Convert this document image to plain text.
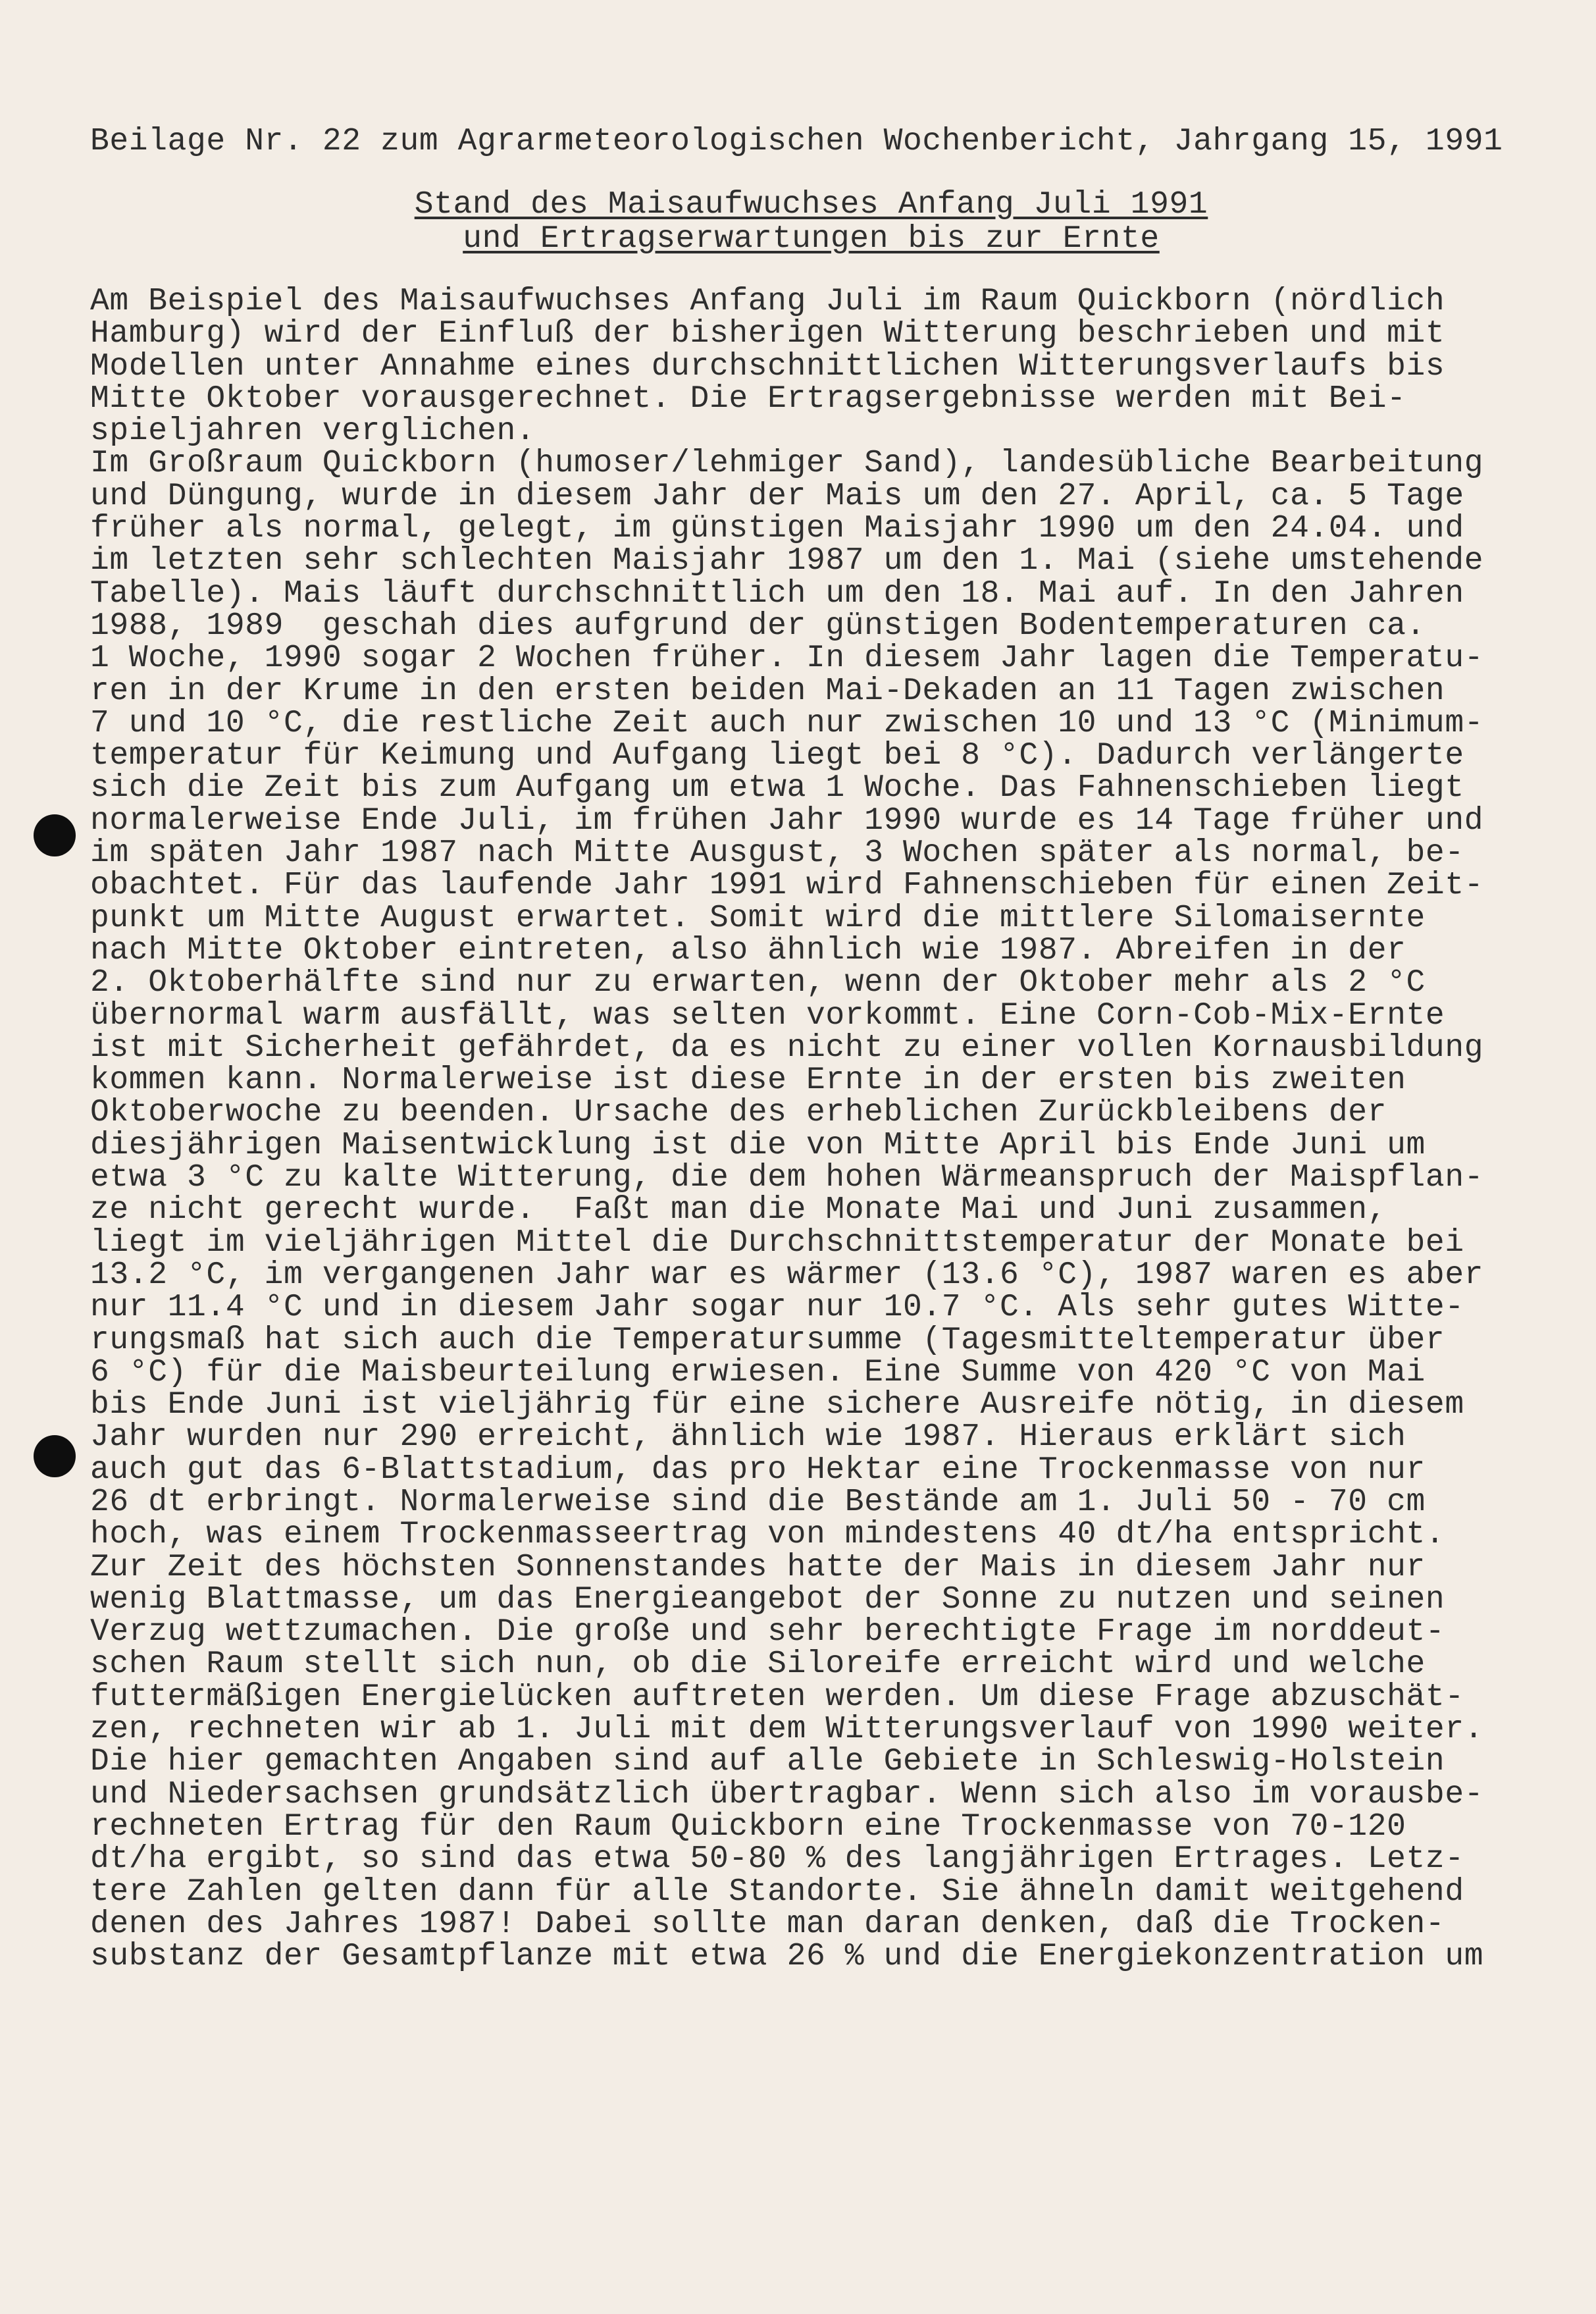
Beilage Nr. 22 zum Agrarmeteorologischen Wochenbericht, Jahrgang 15, 1991
Stand des Maisaufwuchses Anfang Juli 1991
und Ertragserwartungen bis zur Ernte
Am Beispiel des Maisaufwuchses Anfang Juli im Raum Quickborn (nördlich
Hamburg) wird der Einfluß der bisherigen Witterung beschrieben und mit
Modellen unter Annahme eines durchschnittlichen Witterungsverlaufs bis
Mitte Oktober vorausgerechnet. Die Ertragsergebnisse werden mit Bei-
spieljahren verglichen.
Im Großraum Quickborn (humoser/lehmiger Sand), landesübliche Bearbeitung
und Düngung, wurde in diesem Jahr der Mais um den 27. April, ca. 5 Tage
früher als normal, gelegt, im günstigen Maisjahr 1990 um den 24.04. und
im letzten sehr schlechten Maisjahr 1987 um den 1. Mai (siehe umstehende
Tabelle). Mais läuft durchschnittlich um den 18. Mai auf. In den Jahren
1988, 1989  geschah dies aufgrund der günstigen Bodentemperaturen ca.
1 Woche, 1990 sogar 2 Wochen früher. In diesem Jahr lagen die Temperatu-
ren in der Krume in den ersten beiden Mai-Dekaden an 11 Tagen zwischen
7 und 10 °C, die restliche Zeit auch nur zwischen 10 und 13 °C (Minimum-
temperatur für Keimung und Aufgang liegt bei 8 °C). Dadurch verlängerte
sich die Zeit bis zum Aufgang um etwa 1 Woche. Das Fahnenschieben liegt
normalerweise Ende Juli, im frühen Jahr 1990 wurde es 14 Tage früher und
im späten Jahr 1987 nach Mitte Ausgust, 3 Wochen später als normal, be-
obachtet. Für das laufende Jahr 1991 wird Fahnenschieben für einen Zeit-
punkt um Mitte August erwartet. Somit wird die mittlere Silomaisernte
nach Mitte Oktober eintreten, also ähnlich wie 1987. Abreifen in der
2. Oktoberhälfte sind nur zu erwarten, wenn der Oktober mehr als 2 °C
übernormal warm ausfällt, was selten vorkommt. Eine Corn-Cob-Mix-Ernte
ist mit Sicherheit gefährdet, da es nicht zu einer vollen Kornausbildung
kommen kann. Normalerweise ist diese Ernte in der ersten bis zweiten
Oktoberwoche zu beenden. Ursache des erheblichen Zurückbleibens der
diesjährigen Maisentwicklung ist die von Mitte April bis Ende Juni um
etwa 3 °C zu kalte Witterung, die dem hohen Wärmeanspruch der Maispflan-
ze nicht gerecht wurde.  Faßt man die Monate Mai und Juni zusammen,
liegt im vieljährigen Mittel die Durchschnittstemperatur der Monate bei
13.2 °C, im vergangenen Jahr war es wärmer (13.6 °C), 1987 waren es aber
nur 11.4 °C und in diesem Jahr sogar nur 10.7 °C. Als sehr gutes Witte-
rungsmaß hat sich auch die Temperatursumme (Tagesmitteltemperatur über
6 °C) für die Maisbeurteilung erwiesen. Eine Summe von 420 °C von Mai
bis Ende Juni ist vieljährig für eine sichere Ausreife nötig, in diesem
Jahr wurden nur 290 erreicht, ähnlich wie 1987. Hieraus erklärt sich
auch gut das 6-Blattstadium, das pro Hektar eine Trockenmasse von nur
26 dt erbringt. Normalerweise sind die Bestände am 1. Juli 50 - 70 cm
hoch, was einem Trockenmasseertrag von mindestens 40 dt/ha entspricht.
Zur Zeit des höchsten Sonnenstandes hatte der Mais in diesem Jahr nur
wenig Blattmasse, um das Energieangebot der Sonne zu nutzen und seinen
Verzug wettzumachen. Die große und sehr berechtigte Frage im norddeut-
schen Raum stellt sich nun, ob die Siloreife erreicht wird und welche
futtermäßigen Energielücken auftreten werden. Um diese Frage abzuschät-
zen, rechneten wir ab 1. Juli mit dem Witterungsverlauf von 1990 weiter.
Die hier gemachten Angaben sind auf alle Gebiete in Schleswig-Holstein
und Niedersachsen grundsätzlich übertragbar. Wenn sich also im vorausbe-
rechneten Ertrag für den Raum Quickborn eine Trockenmasse von 70-120
dt/ha ergibt, so sind das etwa 50-80 % des langjährigen Ertrages. Letz-
tere Zahlen gelten dann für alle Standorte. Sie ähneln damit weitgehend
denen des Jahres 1987! Dabei sollte man daran denken, daß die Trocken-
substanz der Gesamtpflanze mit etwa 26 % und die Energiekonzentration um
